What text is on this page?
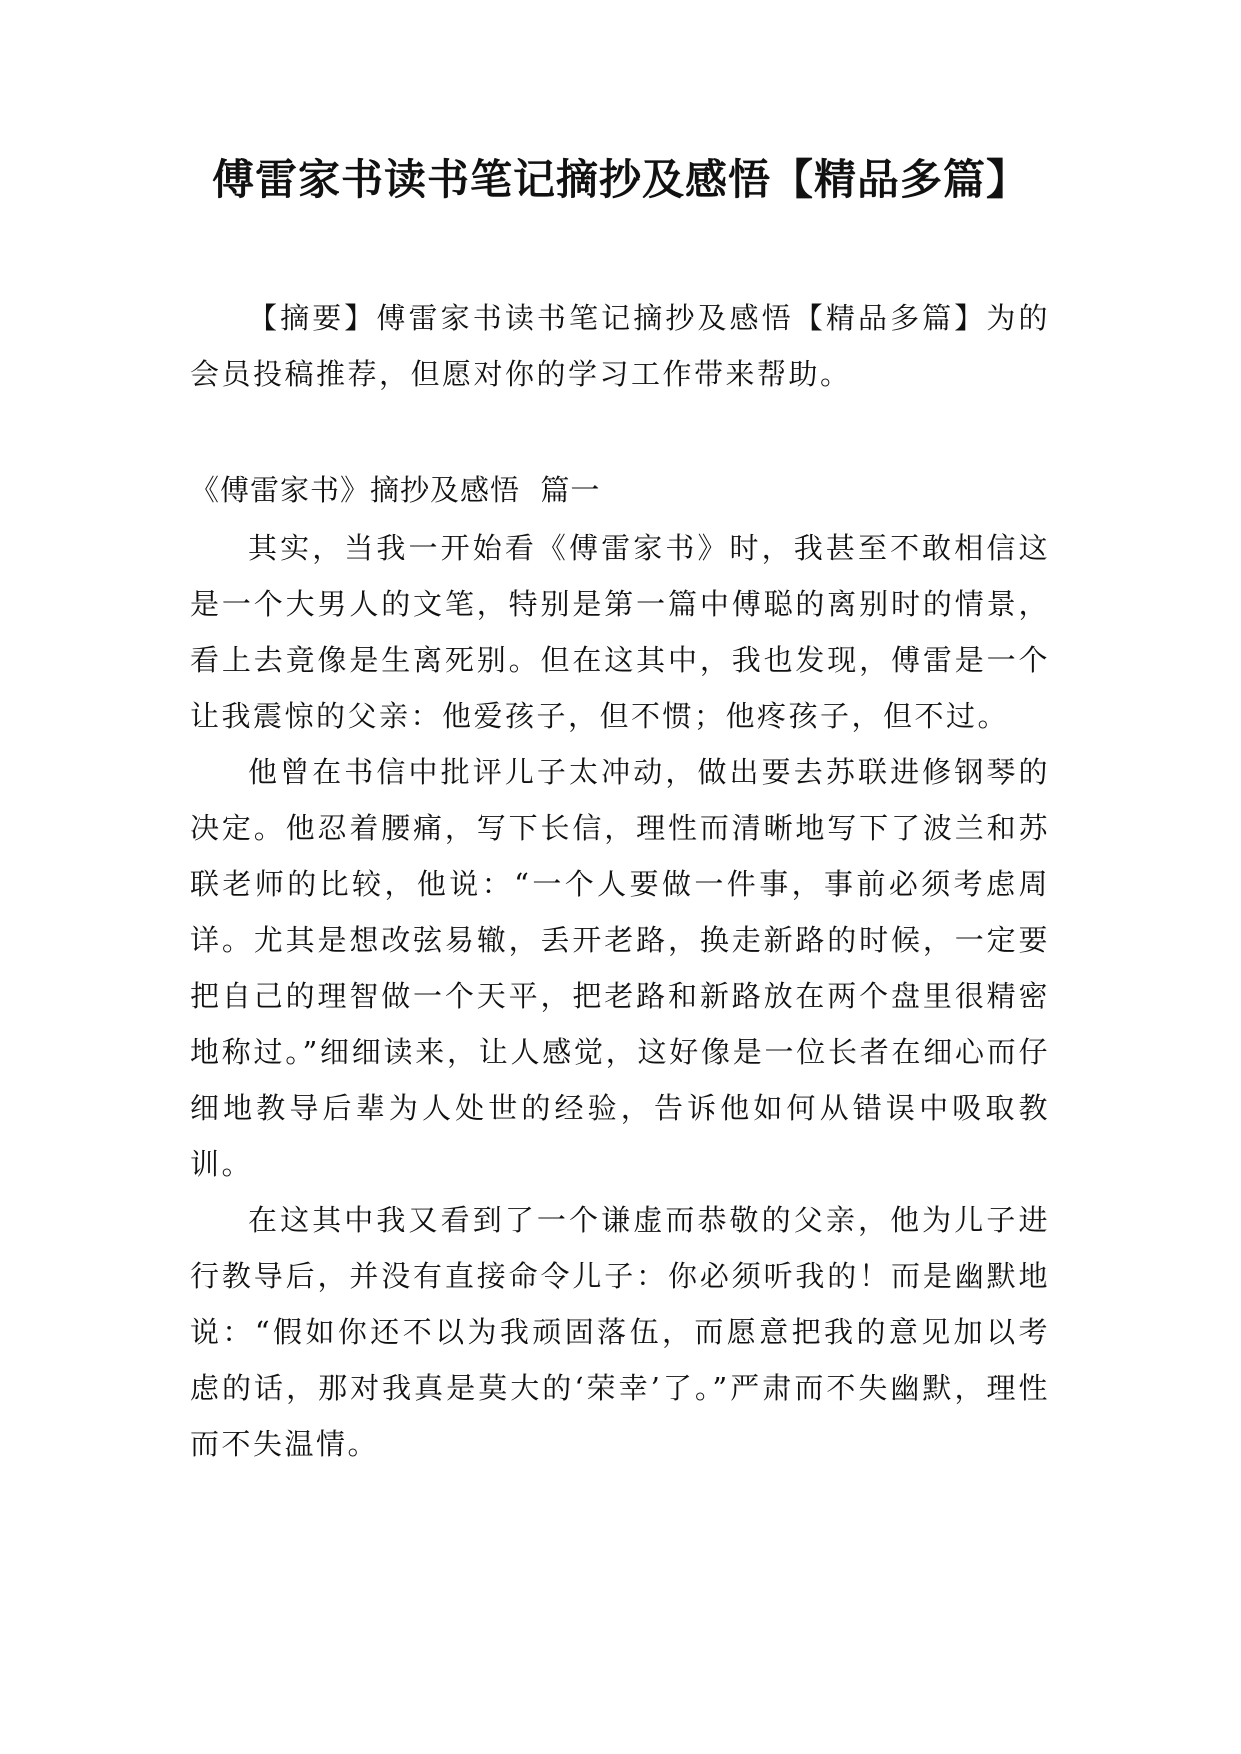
傅雷家书读书笔记摘抄及感悟【精品多篇】

【摘要】傅雷家书读书笔记摘抄及感悟【精品多篇】为的会员投稿推荐，但愿对你的学习工作带来帮助。

《傅雷家书》摘抄及感悟  篇一

其实，当我一开始看《傅雷家书》时，我甚至不敢相信这是一个大男人的文笔，特别是第一篇中傅聪的离别时的情景，看上去竟像是生离死别。但在这其中，我也发现，傅雷是一个让我震惊的父亲：他爱孩子，但不惯；他疼孩子，但不过。

他曾在书信中批评儿子太冲动，做出要去苏联进修钢琴的决定。他忍着腰痛，写下长信，理性而清晰地写下了波兰和苏联老师的比较，他说：“一个人要做一件事，事前必须考虑周详。尤其是想改弦易辙，丢开老路，换走新路的时候，一定要把自己的理智做一个天平，把老路和新路放在两个盘里很精密地称过。”细细读来，让人感觉，这好像是一位长者在细心而仔细地教导后辈为人处世的经验，告诉他如何从错误中吸取教训。

在这其中我又看到了一个谦虚而恭敬的父亲，他为儿子进行教导后，并没有直接命令儿子：你必须听我的！而是幽默地说：“假如你还不以为我顽固落伍，而愿意把我的意见加以考虑的话，那对我真是莫大的‘荣幸’了。”严肃而不失幽默，理性而不失温情。
